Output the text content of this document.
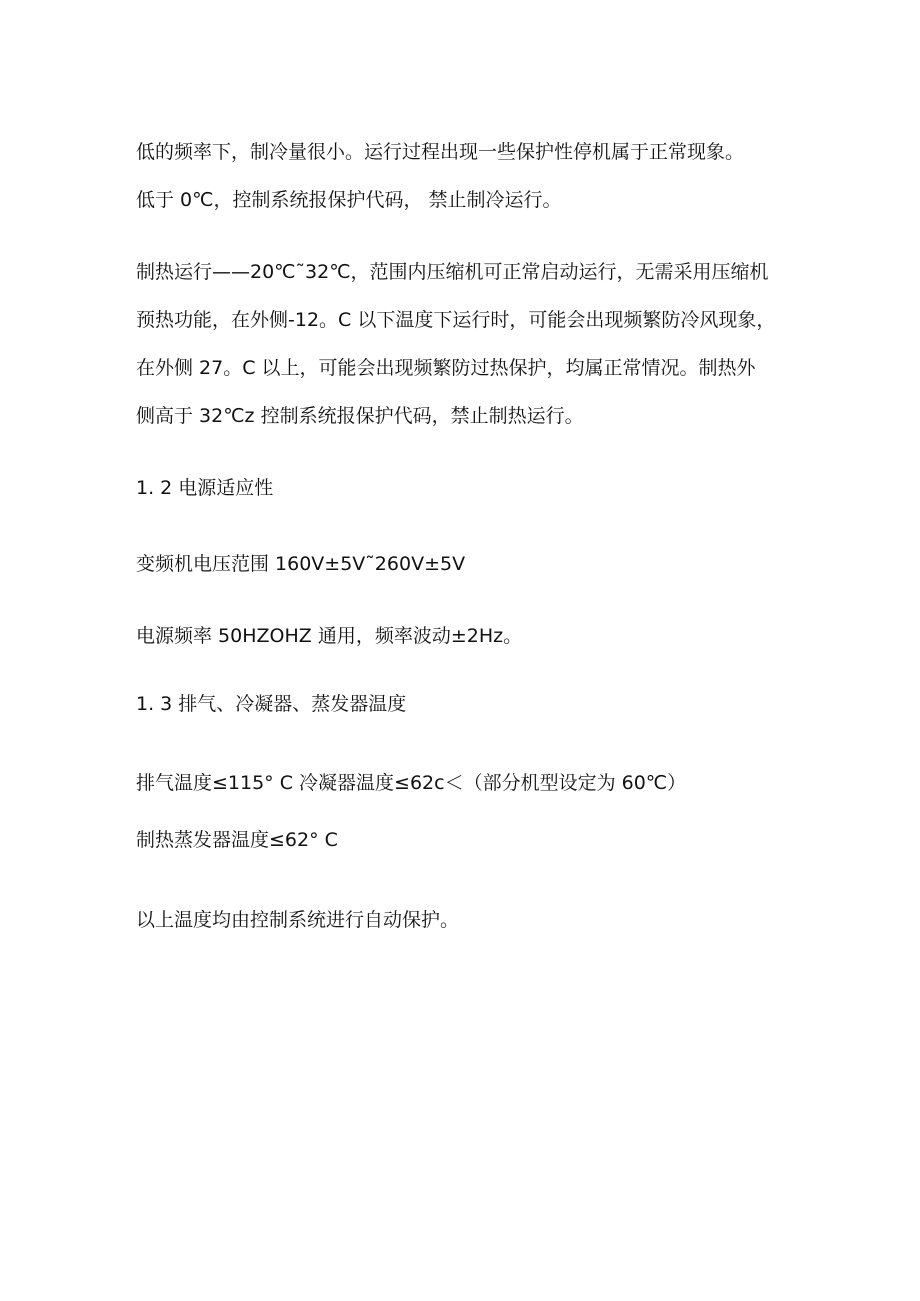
低的频率下，制冷量很小。运行过程出现一些保护性停机属于正常现象。
低于 0℃，控制系统报保护代码， 禁止制冷运行。
制热运行——20℃˜32℃，范围内压缩机可正常启动运行，无需采用压缩机
预热功能，在外侧-12。C 以下温度下运行时，可能会出现频繁防冷风现象，
在外侧 27。C 以上，可能会出现频繁防过热保护，均属正常情况。制热外
侧高于 32℃z 控制系统报保护代码，禁止制热运行。
1. 2 电源适应性
变频机电压范围 160V±5V˜260V±5V
电源频率 50HZOHZ 通用，频率波动±2Hz。
1. 3 排气、冷凝器、蒸发器温度
排气温度≤115° C 冷凝器温度≤62c＜（部分机型设定为 60℃）
制热蒸发器温度≤62° C
以上温度均由控制系统进行自动保护。
